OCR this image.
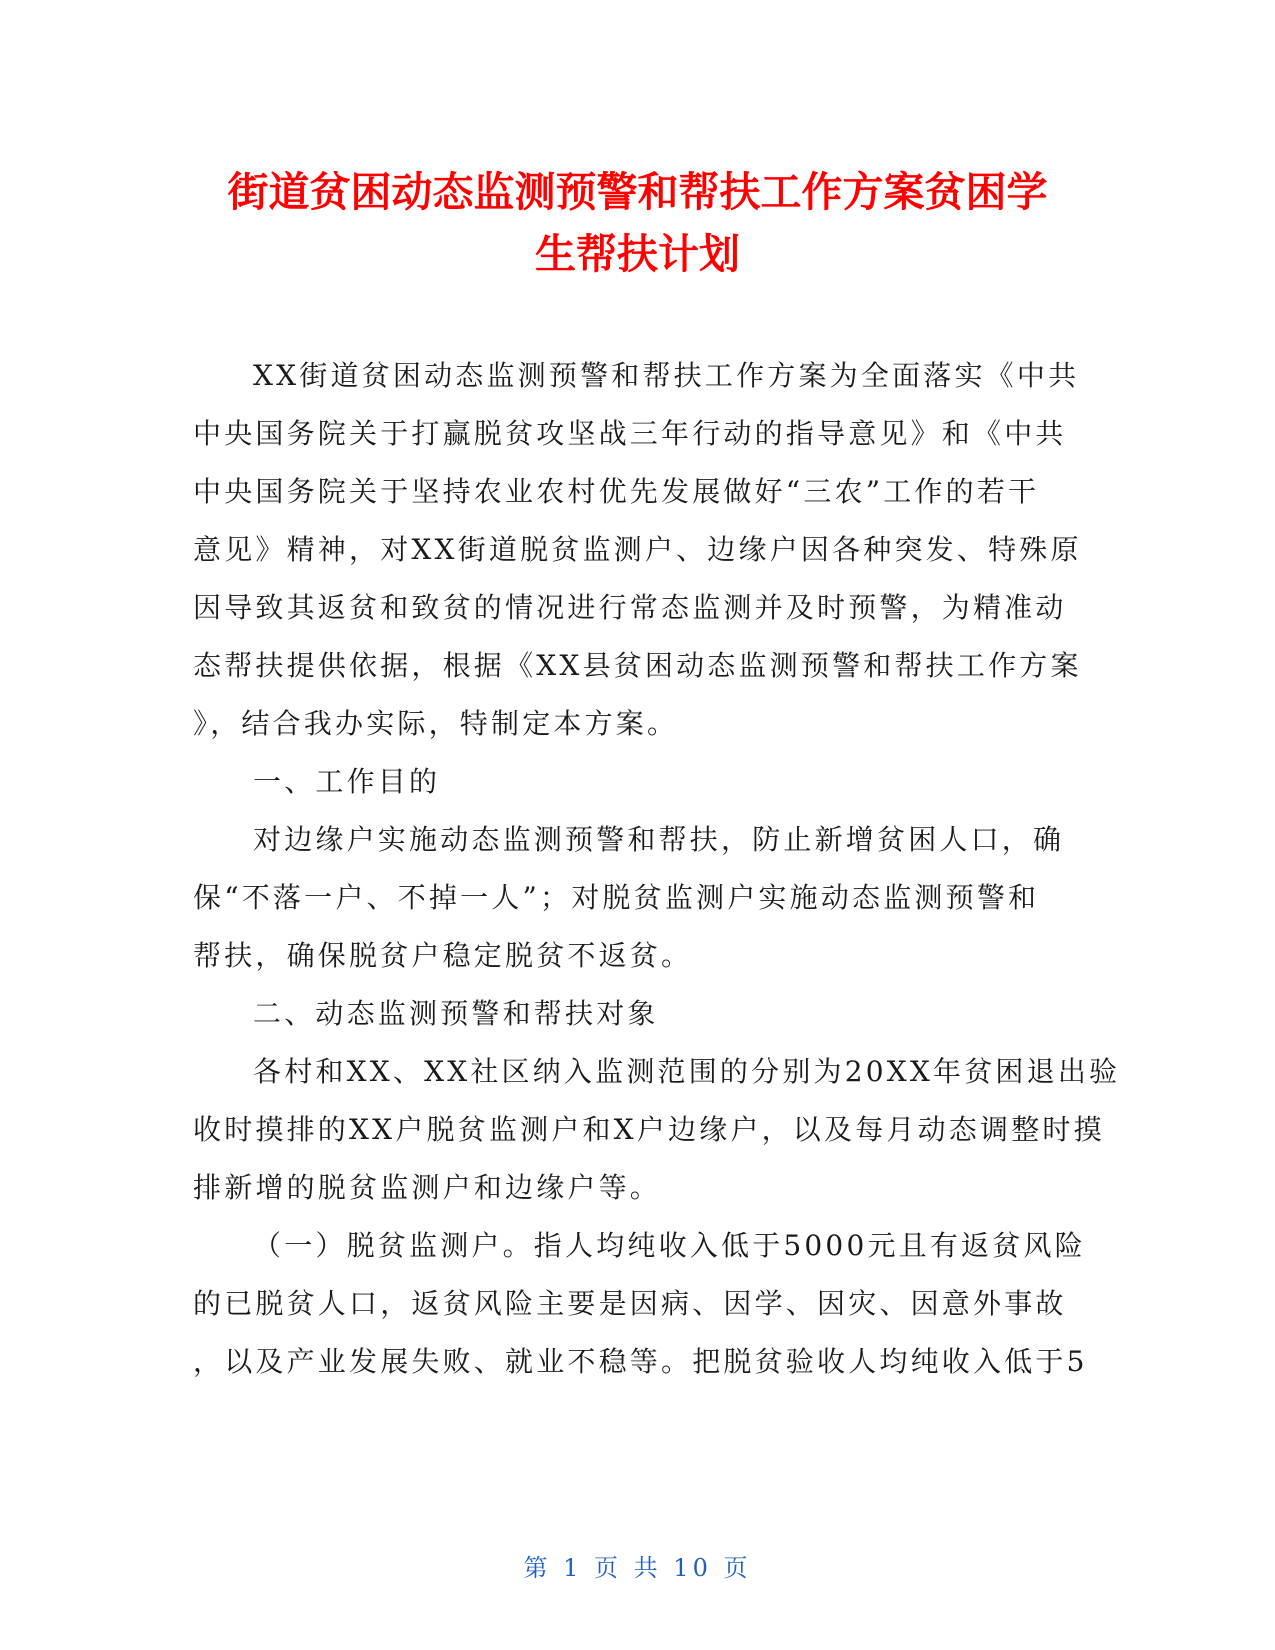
街道贫困动态监测预警和帮扶工作方案贫困学
生帮扶计划
XX街道贫困动态监测预警和帮扶工作方案为全面落实《中共
中央国务院关于打赢脱贫攻坚战三年行动的指导意见》和《中共
中央国务院关于坚持农业农村优先发展做好“三农”工作的若干
意见》精神，对XX街道脱贫监测户、边缘户因各种突发、特殊原
因导致其返贫和致贫的情况进行常态监测并及时预警，为精准动
态帮扶提供依据，根据《XX县贫困动态监测预警和帮扶工作方案
》，结合我办实际，特制定本方案。
一、工作目的
对边缘户实施动态监测预警和帮扶，防止新增贫困人口，确
保“不落一户、不掉一人”；对脱贫监测户实施动态监测预警和
帮扶，确保脱贫户稳定脱贫不返贫。
二、动态监测预警和帮扶对象
各村和XX、XX社区纳入监测范围的分别为20XX年贫困退出验
收时摸排的XX户脱贫监测户和X户边缘户，以及每月动态调整时摸
排新增的脱贫监测户和边缘户等。
（一）脱贫监测户。指人均纯收入低于5000元且有返贫风险
的已脱贫人口，返贫风险主要是因病、因学、因灾、因意外事故
，以及产业发展失败、就业不稳等。把脱贫验收人均纯收入低于5
第 1 页 共 10 页
